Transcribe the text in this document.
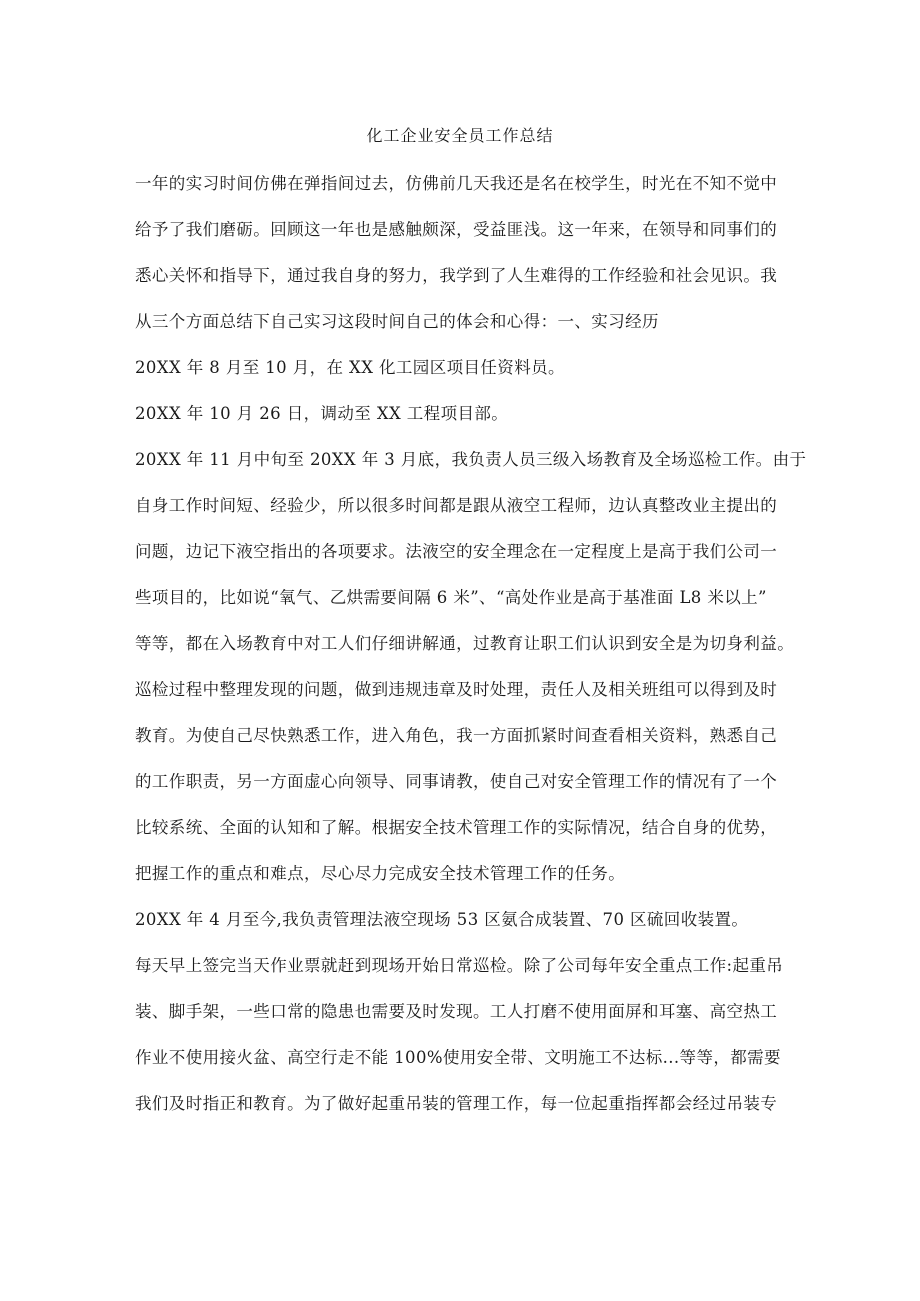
化工企业安全员工作总结
一年的实习时间仿佛在弹指间过去，仿佛前几天我还是名在校学生，时光在不知不觉中
给予了我们磨砺。回顾这一年也是感触颇深，受益匪浅。这一年来，在领导和同事们的
悉心关怀和指导下，通过我自身的努力，我学到了人生难得的工作经验和社会见识。我
从三个方面总结下自己实习这段时间自己的体会和心得：一、实习经历
20XX 年 8 月至 10 月，在 XX 化工园区项目任资料员。
20XX 年 10 月 26 日，调动至 XX 工程项目部。
20XX 年 11 月中旬至 20XX 年 3 月底，我负责人员三级入场教育及全场巡检工作。由于
自身工作时间短、经验少，所以很多时间都是跟从液空工程师，边认真整改业主提出的
问题，边记下液空指出的各项要求。法液空的安全理念在一定程度上是高于我们公司一
些项目的，比如说“氧气、乙烘需要间隔 6 米”、“高处作业是高于基准面 L8 米以上”
等等，都在入场教育中对工人们仔细讲解通，过教育让职工们认识到安全是为切身利益。
巡检过程中整理发现的问题，做到违规违章及时处理，责任人及相关班组可以得到及时
教育。为使自己尽快熟悉工作，进入角色，我一方面抓紧时间查看相关资料，熟悉自己
的工作职责，另一方面虚心向领导、同事请教，使自己对安全管理工作的情况有了一个
比较系统、全面的认知和了解。根据安全技术管理工作的实际情况，结合自身的优势，
把握工作的重点和难点，尽心尽力完成安全技术管理工作的任务。
20XX 年 4 月至今,我负责管理法液空现场 53 区氨合成装置、70 区硫回收装置。
每天早上签完当天作业票就赶到现场开始日常巡检。除了公司每年安全重点工作:起重吊
装、脚手架，一些口常的隐患也需要及时发现。工人打磨不使用面屏和耳塞、高空热工
作业不使用接火盆、高空行走不能 100%使用安全带、文明施工不达标...等等，都需要
我们及时指正和教育。为了做好起重吊装的管理工作，每一位起重指挥都会经过吊装专
